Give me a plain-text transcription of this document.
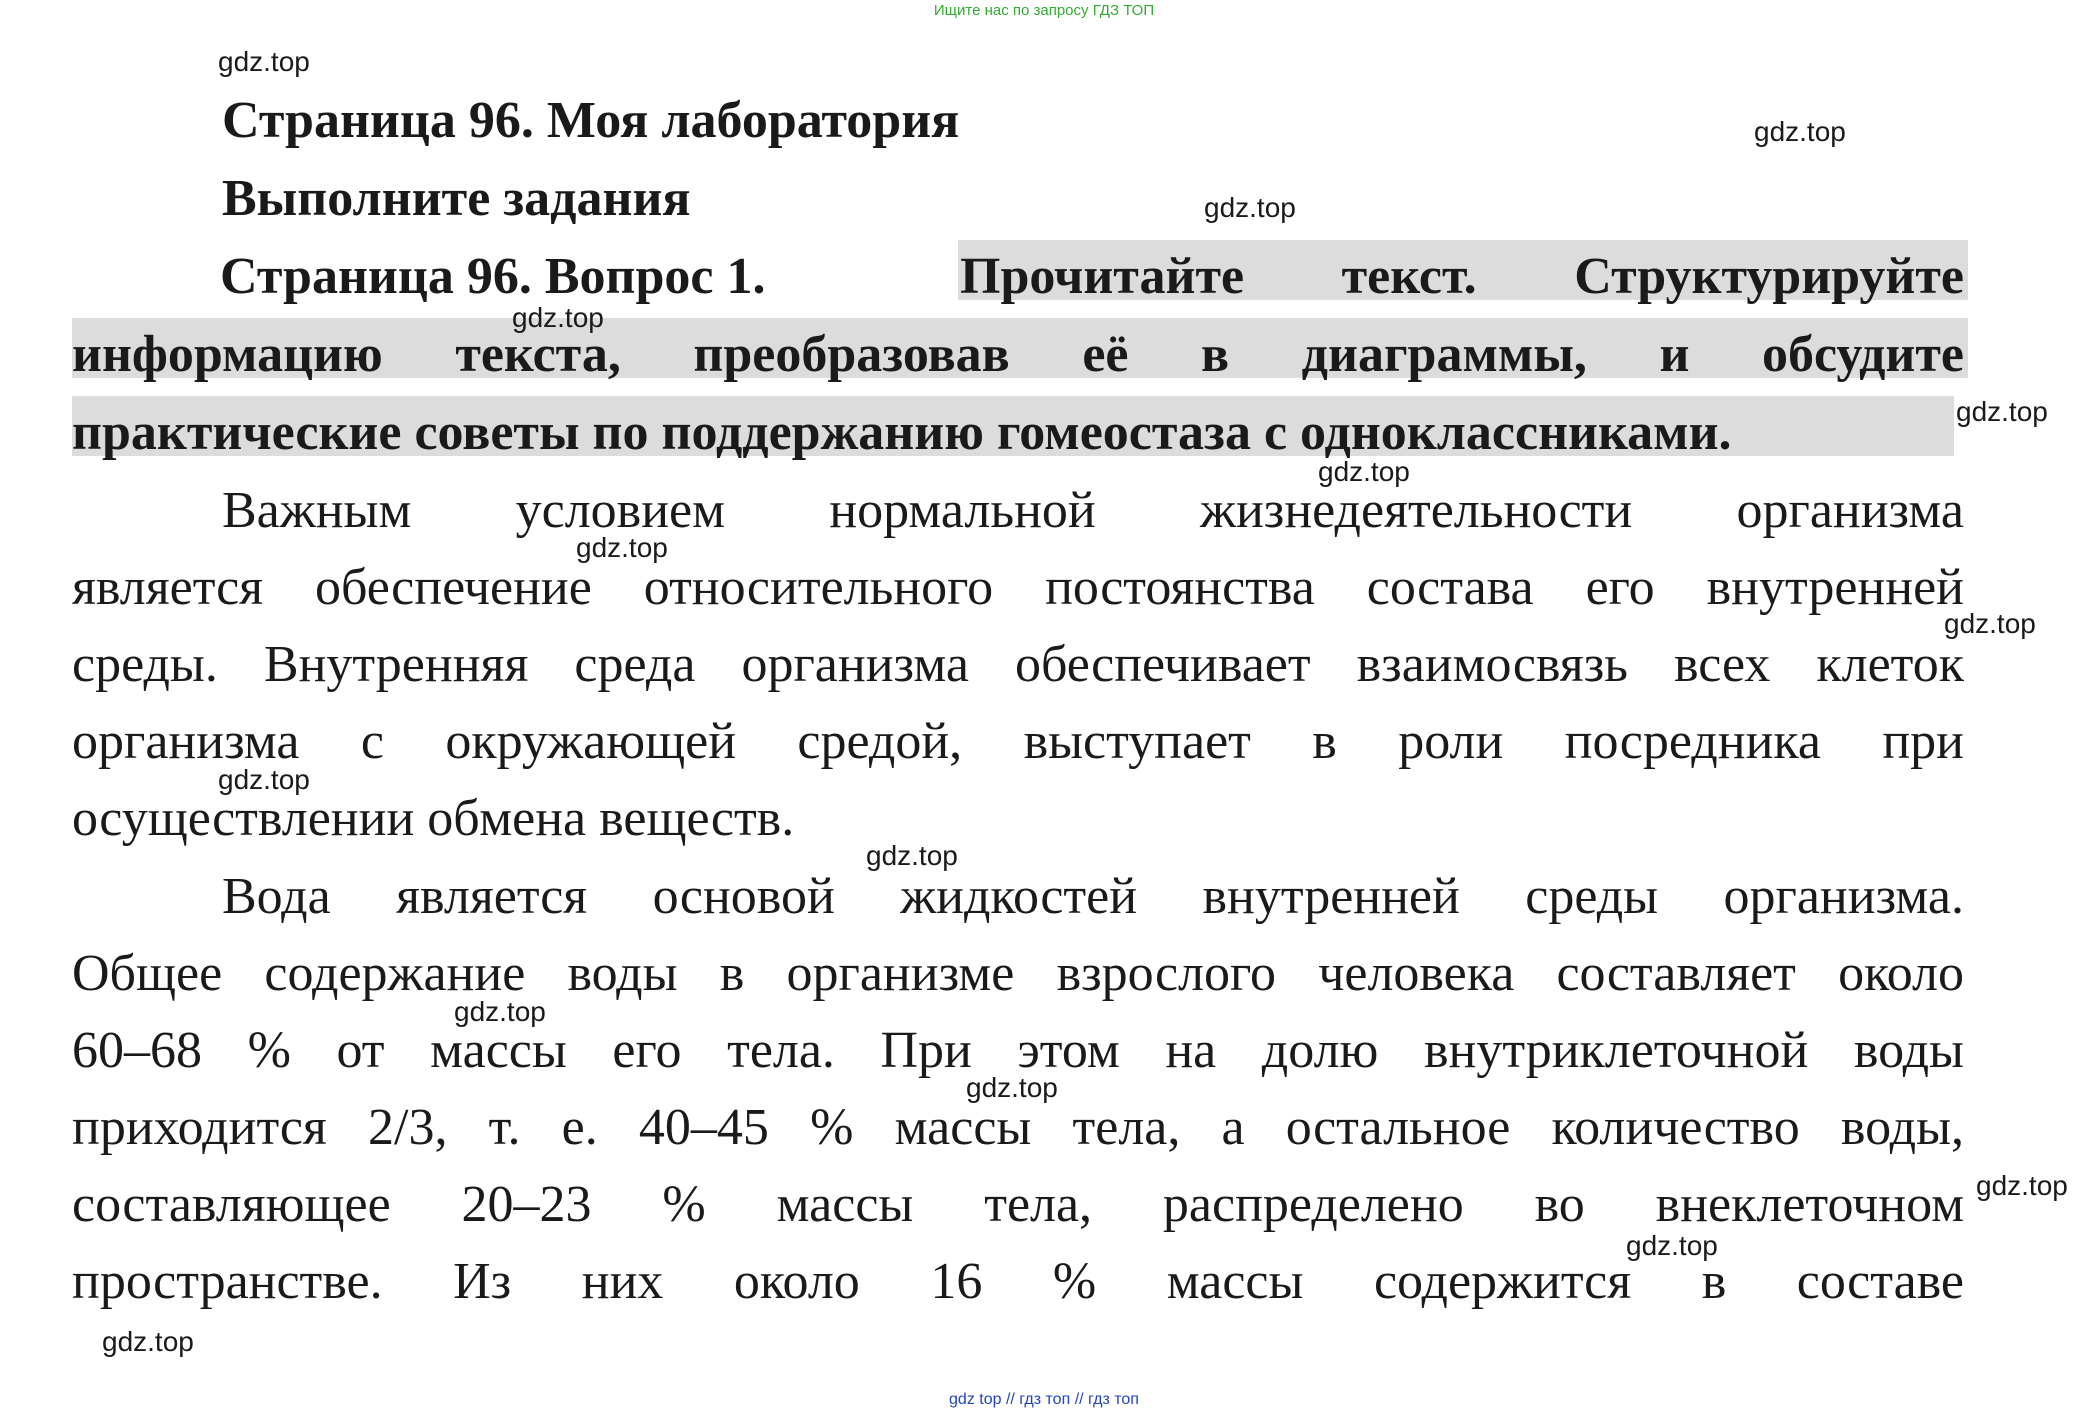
Ищите нас по запросу ГДЗ ТОП
Страница 96. Моя лаборатория
Выполните задания
Страница 96. Вопрос 1.	Прочитайте текст. Структурируйте
информацию текста, преобразовав её в диаграммы, и обсудите
практические советы по поддержанию гомеостаза с одноклассниками.
Важным условием нормальной жизнедеятельности организма
является обеспечение относительного постоянства состава его внутренней
среды. Внутренняя среда организма обеспечивает взаимосвязь всех клеток
организма с окружающей средой, выступает в роли посредника при
осуществлении обмена веществ.
Вода является основой жидкостей внутренней среды организма.
Общее содержание воды в организме взрослого человека составляет около
60–68 % от массы его тела. При этом на долю внутриклеточной воды
приходится 2/3, т. е. 40–45 % массы тела, а остальное количество воды,
составляющее 20–23 % массы тела, распределено во внеклеточном
пространстве. Из них около 16 % массы содержится в составе
gdz.top
gdz.top
gdz.top
gdz.top
gdz.top
gdz.top
gdz.top
gdz.top
gdz.top
gdz.top
gdz.top
gdz.top
gdz.top
gdz.top
gdz.top
gdz top // гдз топ // гдз топ
